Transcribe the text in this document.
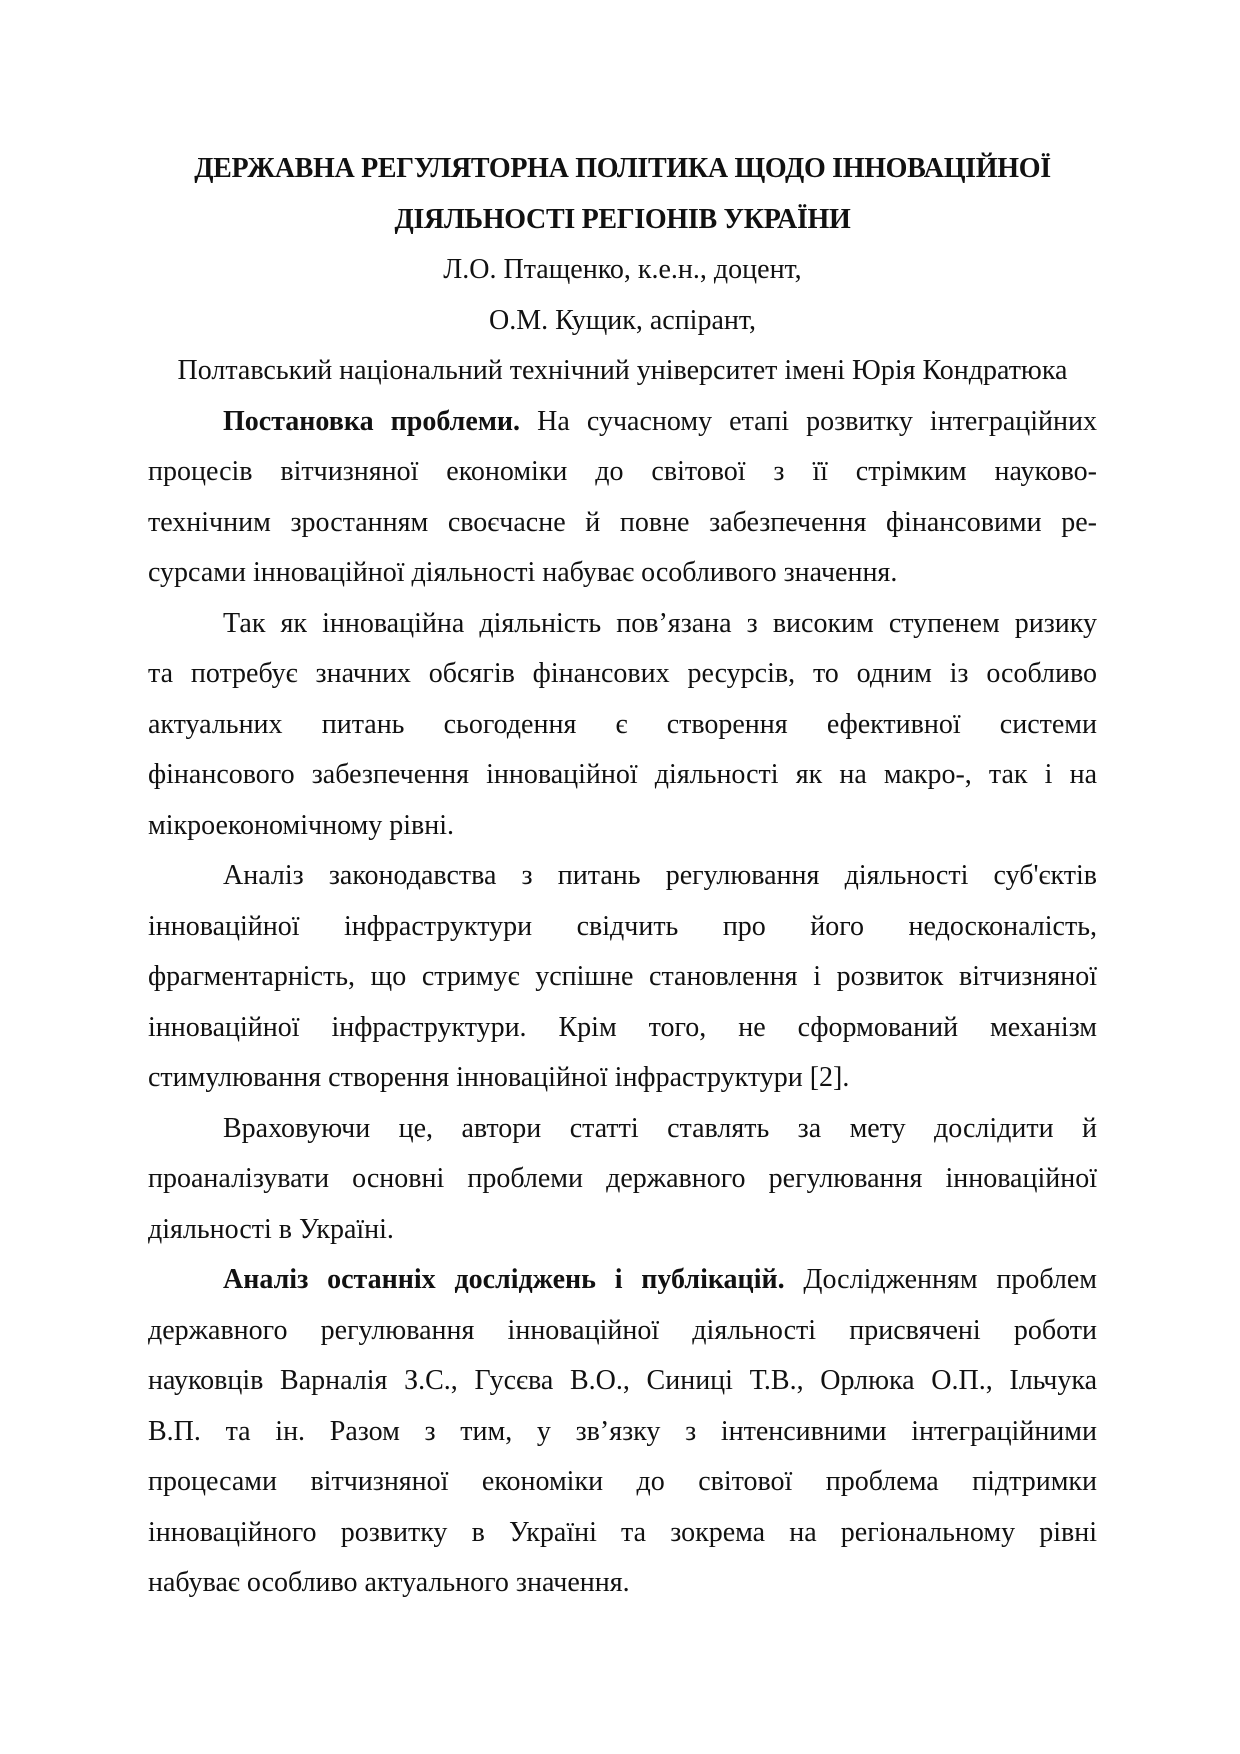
ДЕРЖАВНА РЕГУЛЯТОРНА ПОЛІТИКА ЩОДО ІННОВАЦІЙНОЇ
ДІЯЛЬНОСТІ РЕГІОНІВ УКРАЇНИ
Л.О. Птащенко, к.е.н., доцент,
О.М. Кущик, аспірант,
Полтавський національний технічний університет імені Юрія Кондратюка
Постановка проблеми. На сучасному етапі розвитку інтеграційних
процесів вітчизняної економіки до світової з її стрімким науково-
технічним зростанням своєчасне й повне забезпечення фінансовими ре-
сурсами інноваційної діяльності набуває особливого значення.
Так як інноваційна діяльність пов’язана з високим ступенем ризику
та потребує значних обсягів фінансових ресурсів, то одним із особливо
актуальних питань сьогодення є створення ефективної системи
фінансового забезпечення інноваційної діяльності як на макро-, так і на
мікроекономічному рівні.
Аналіз законодавства з питань регулювання діяльності суб'єктів
інноваційної інфраструктури свідчить про його недосконалість,
фрагментарність, що стримує успішне становлення і розвиток вітчизняної
інноваційної інфраструктури. Крім того, не сформований механізм
стимулювання створення інноваційної інфраструктури [2].
Враховуючи це, автори статті ставлять за мету дослідити й
проаналізувати основні проблеми державного регулювання інноваційної
діяльності в Україні.
Аналіз останніх досліджень і публікацій. Дослідженням проблем
державного регулювання інноваційної діяльності присвячені роботи
науковців Варналія З.С., Гусєва В.О., Синиці Т.В., Орлюка О.П., Ільчука
В.П. та ін. Разом з тим, у зв’язку з інтенсивними інтеграційними
процесами вітчизняної економіки до світової проблема підтримки
інноваційного розвитку в Україні та зокрема на регіональному рівні
набуває особливо актуального значення.
